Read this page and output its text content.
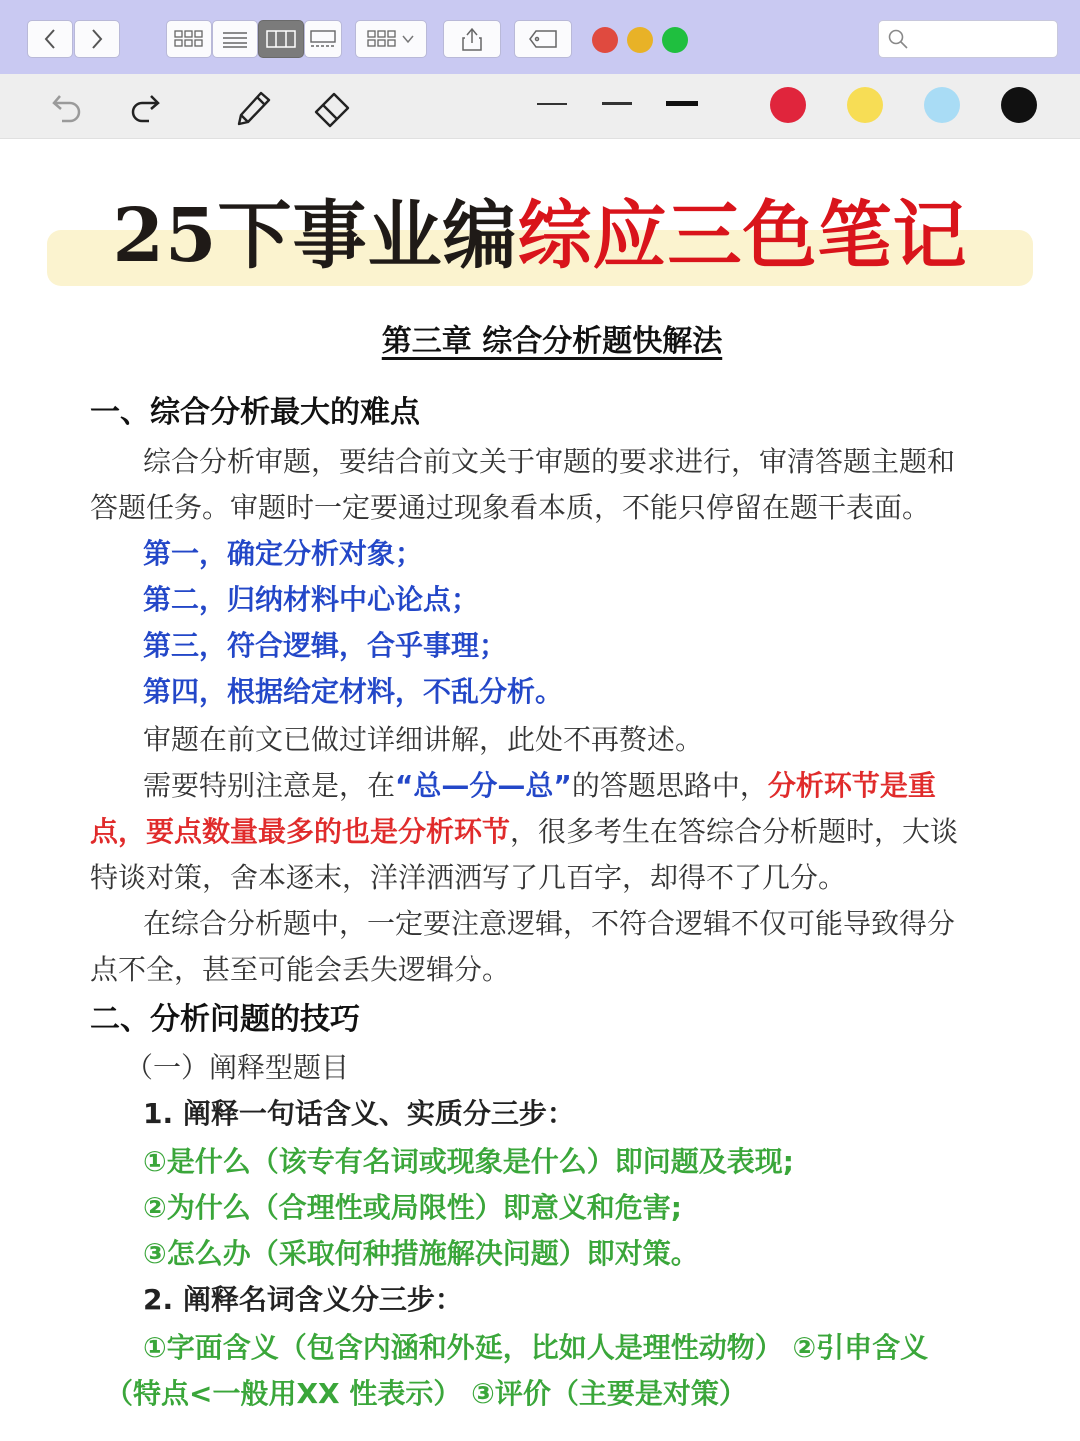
25下事业编综应三色笔记
第三章 综合分析题快解法
一、综合分析最大的难点
综合分析审题，要结合前文关于审题的要求进行，审清答题主题和
答题任务。审题时一定要通过现象看本质，不能只停留在题干表面。
第一，确定分析对象；
第二，归纳材料中心论点；
第三，符合逻辑，合乎事理；
第四，根据给定材料，不乱分析。
审题在前文已做过详细讲解，此处不再赘述。
需要特别注意是，在“总—分—总”的答题思路中，分析环节是重
点，要点数量最多的也是分析环节，很多考生在答综合分析题时，大谈
特谈对策，舍本逐末，洋洋洒洒写了几百字，却得不了几分。
在综合分析题中，一定要注意逻辑，不符合逻辑不仅可能导致得分
点不全，甚至可能会丢失逻辑分。
二、分析问题的技巧
（一）阐释型题目
1. 阐释一句话含义、实质分三步：
①是什么（该专有名词或现象是什么）即问题及表现;
②为什么（合理性或局限性）即意义和危害;
③怎么办（采取何种措施解决问题）即对策。
2. 阐释名词含义分三步：
①字面含义（包含内涵和外延，比如人是理性动物） ②引申含义
（特点<一般用XX 性表示） ③评价（主要是对策）
